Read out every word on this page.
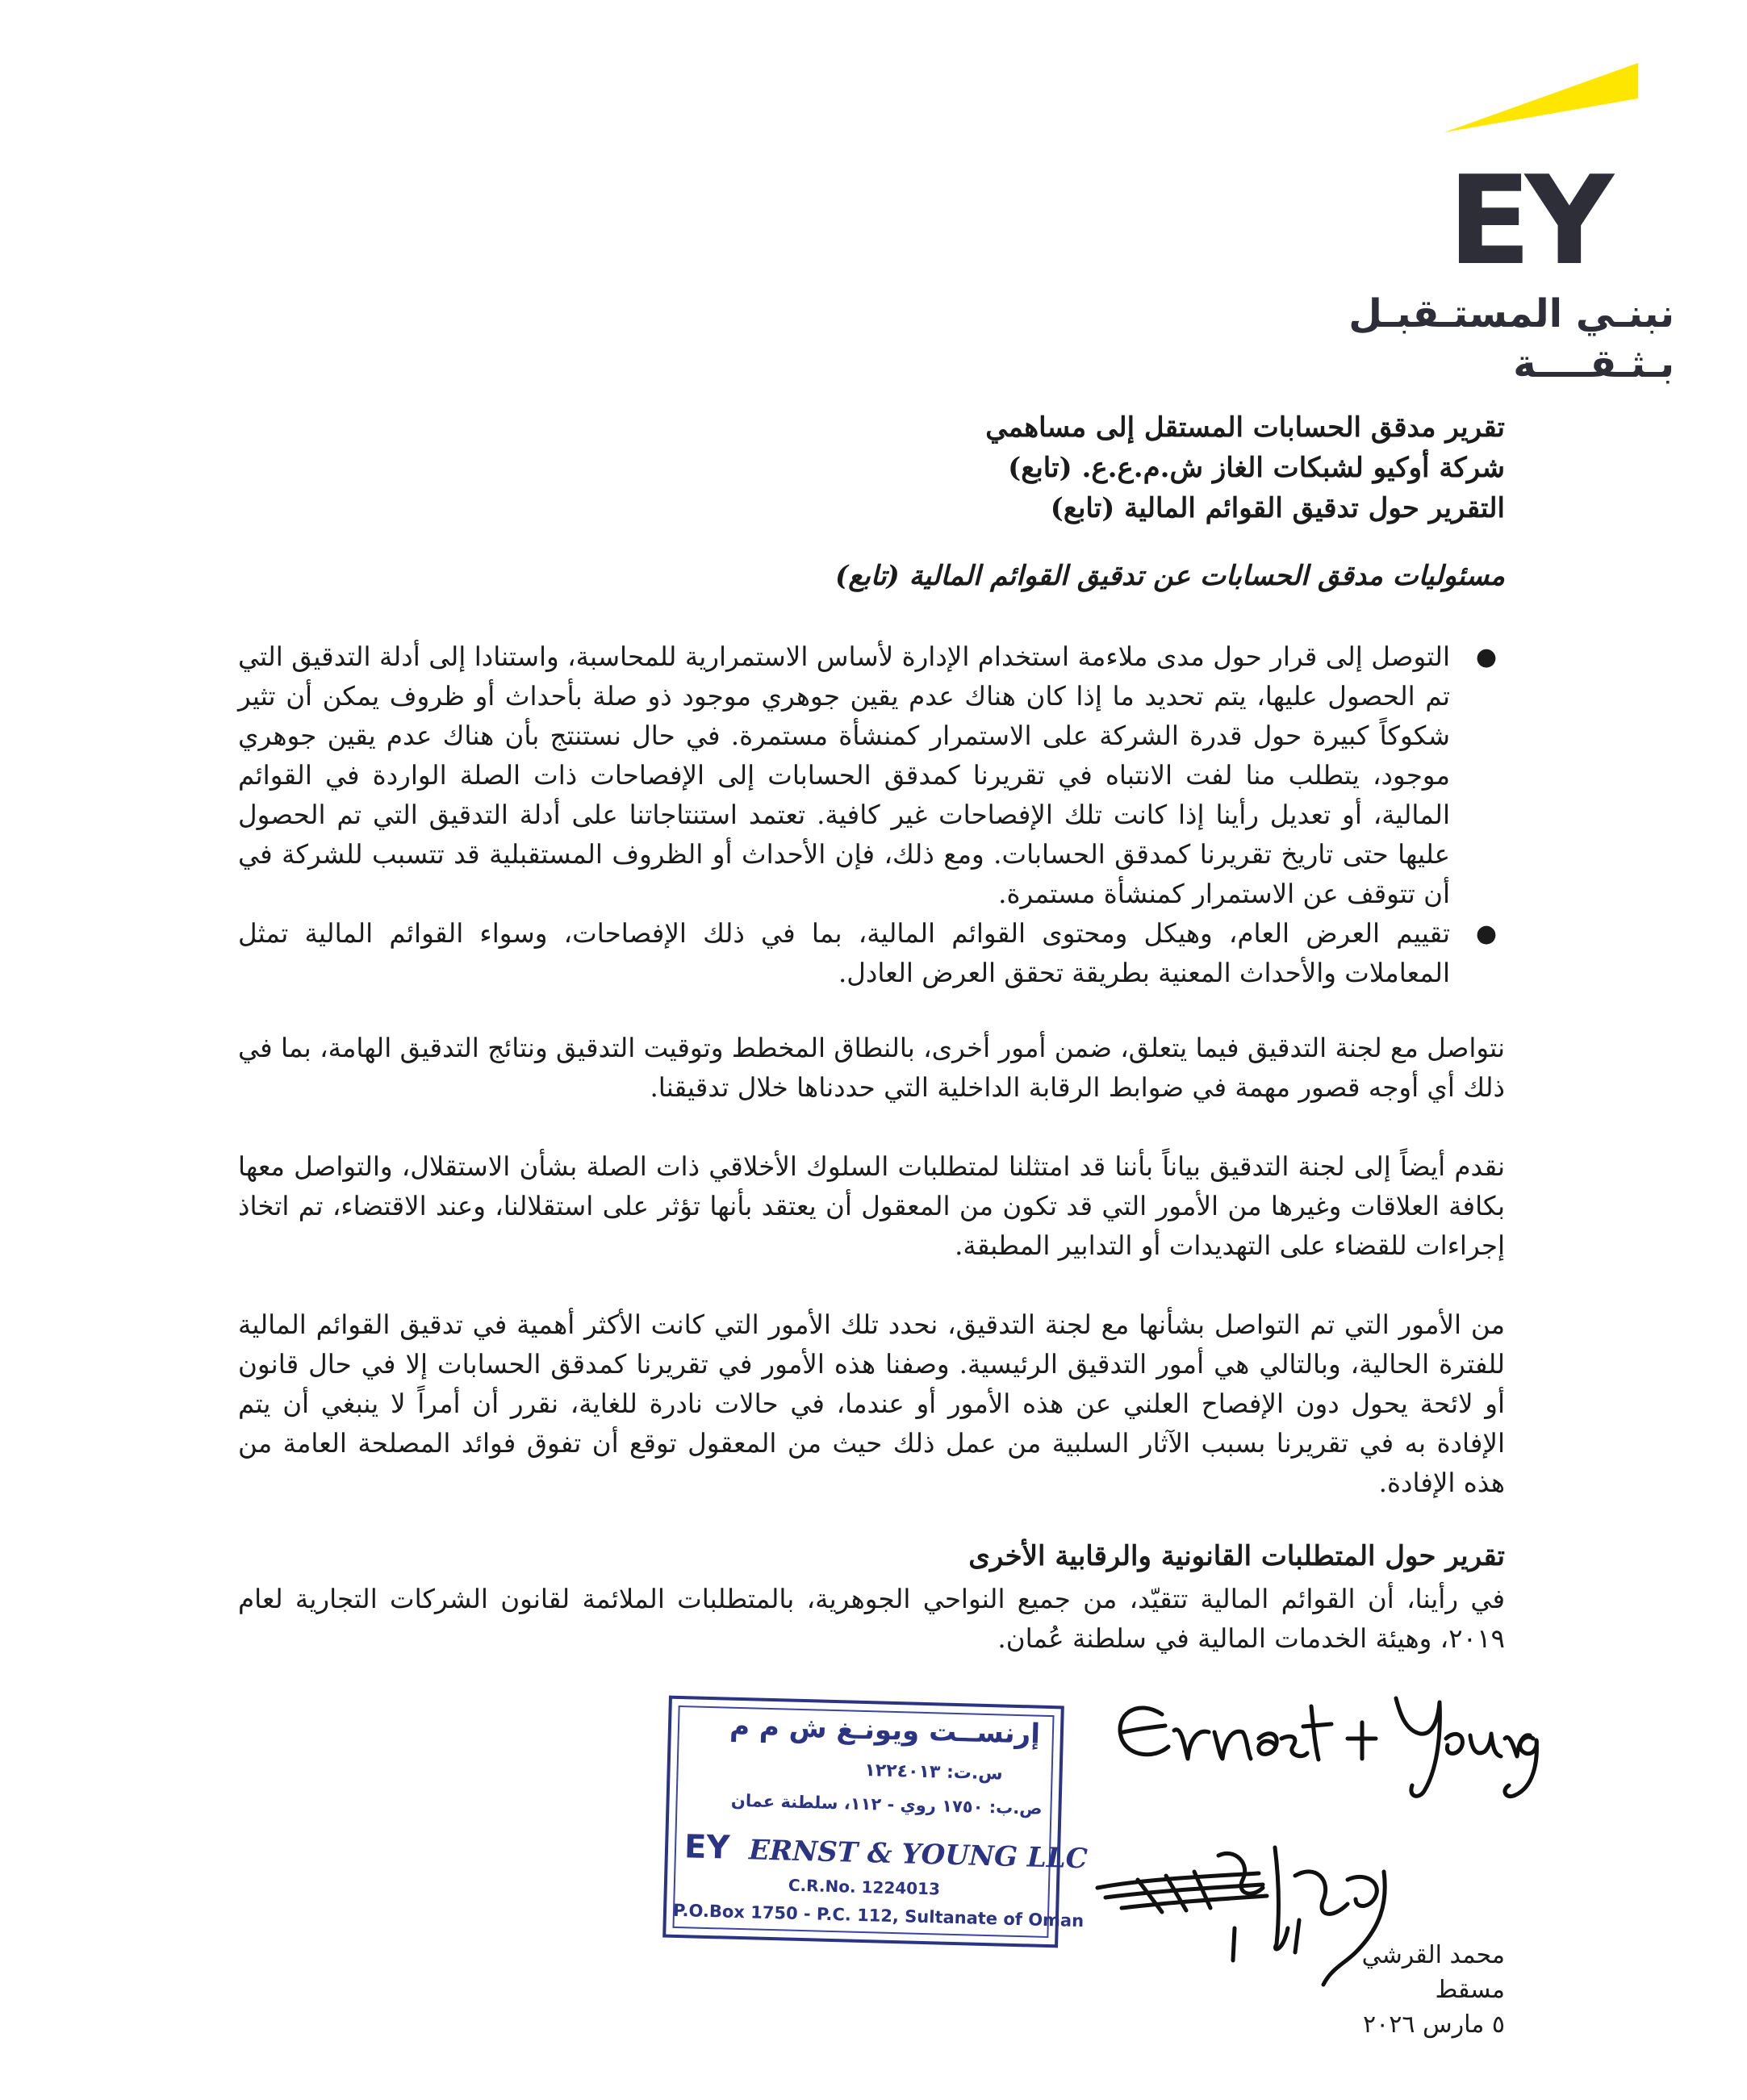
EY
نبنـي المستـقبـل
بـثـقــــة
تقرير مدقق الحسابات المستقل إلى مساهمي
شركة أوكيو لشبكات الغاز ش.م.ع.ع. (تابع)
التقرير حول تدقيق القوائم المالية (تابع)
مسئوليات مدقق الحسابات عن تدقيق القوائم المالية (تابع)
●
التوصل إلى قرار حول مدى ملاءمة استخدام الإدارة لأساس الاستمرارية للمحاسبة، واستنادا إلى أدلة التدقيق التي تم الحصول عليها، يتم تحديد ما إذا كان هناك عدم يقين جوهري موجود ذو صلة بأحداث أو ظروف يمكن أن تثير شكوكاً كبيرة حول قدرة الشركة على الاستمرار كمنشأة مستمرة. في حال نستنتج بأن هناك عدم يقين جوهري موجود، يتطلب منا لفت الانتباه في تقريرنا كمدقق الحسابات إلى الإفصاحات ذات الصلة الواردة في القوائم المالية، أو تعديل رأينا إذا كانت تلك الإفصاحات غير كافية. تعتمد استنتاجاتنا على أدلة التدقيق التي تم الحصول عليها حتى تاريخ تقريرنا كمدقق الحسابات. ومع ذلك، فإن الأحداث أو الظروف المستقبلية قد تتسبب للشركة في أن تتوقف عن الاستمرار كمنشأة مستمرة.
●
تقييم العرض العام، وهيكل ومحتوى القوائم المالية، بما في ذلك الإفصاحات، وسواء القوائم المالية تمثل المعاملات والأحداث المعنية بطريقة تحقق العرض العادل.
نتواصل مع لجنة التدقيق فيما يتعلق، ضمن أمور أخرى، بالنطاق المخطط وتوقيت التدقيق ونتائج التدقيق الهامة، بما في ذلك أي أوجه قصور مهمة في ضوابط الرقابة الداخلية التي حددناها خلال تدقيقنا.
نقدم أيضاً إلى لجنة التدقيق بياناً بأننا قد امتثلنا لمتطلبات السلوك الأخلاقي ذات الصلة بشأن الاستقلال، والتواصل معها بكافة العلاقات وغيرها من الأمور التي قد تكون من المعقول أن يعتقد بأنها تؤثر على استقلالنا، وعند الاقتضاء، تم اتخاذ إجراءات للقضاء على التهديدات أو التدابير المطبقة.
من الأمور التي تم التواصل بشأنها مع لجنة التدقيق، نحدد تلك الأمور التي كانت الأكثر أهمية في تدقيق القوائم المالية للفترة الحالية، وبالتالي هي أمور التدقيق الرئيسية. وصفنا هذه الأمور في تقريرنا كمدقق الحسابات إلا في حال قانون أو لائحة يحول دون الإفصاح العلني عن هذه الأمور أو عندما، في حالات نادرة للغاية، نقرر أن أمراً لا ينبغي أن يتم الإفادة به في تقريرنا بسبب الآثار السلبية من عمل ذلك حيث من المعقول توقع أن تفوق فوائد المصلحة العامة من هذه الإفادة.
تقرير حول المتطلبات القانونية والرقابية الأخرى
في رأينا، أن القوائم المالية تتقيّد، من جميع النواحي الجوهرية، بالمتطلبات الملائمة لقانون الشركات التجارية لعام ٢٠١٩، وهيئة الخدمات المالية في سلطنة عُمان.
إرنســت ويونـغ ش م م
س.ت: ١٢٢٤٠١٣
ص.ب: ١٧٥٠ روي - ١١٢، سلطنة عمان
EY ERNST & YOUNG LLC
C.R.No. 1224013
P.O.Box 1750 - P.C. 112, Sultanate of Oman
محمد القرشي
مسقط
٥ مارس ٢٠٢٦
